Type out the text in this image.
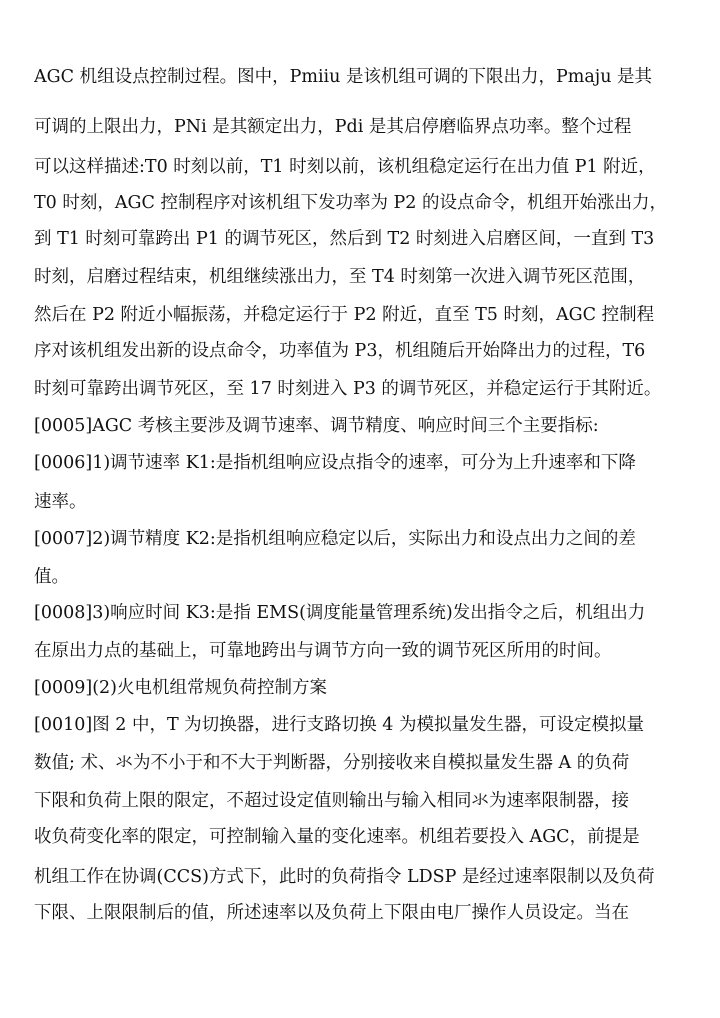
AGC 机组设点控制过程。图中，Pmiiu 是该机组可调的下限出力，Pmaju 是其
可调的上限出力，PNi 是其额定出力，Pdi 是其启停磨临界点功率。整个过程
可以这样描述:T0 时刻以前，T1 时刻以前，该机组稳定运行在出力值 P1 附近，
T0 时刻，AGC 控制程序对该机组下发功率为 P2 的设点命令，机组开始涨出力，
到 T1 时刻可靠跨出 P1 的调节死区，然后到 T2 时刻进入启磨区间，一直到 T3
时刻，启磨过程结束，机组继续涨出力，至 T4 时刻第一次进入调节死区范围，
然后在 P2 附近小幅振荡，并稳定运行于 P2 附近，直至 T5 时刻，AGC 控制程
序对该机组发出新的设点命令，功率值为 P3，机组随后开始降出力的过程，T6
时刻可靠跨出调节死区，至 17 时刻进入 P3 的调节死区，并稳定运行于其附近。
[0005]AGC 考核主要涉及调节速率、调节精度、响应时间三个主要指标:
[0006]1)调节速率 K1:是指机组响应设点指令的速率，可分为上升速率和下降
速率。
[0007]2)调节精度 K2:是指机组响应稳定以后，实际出力和设点出力之间的差
值。
[0008]3)响应时间 K3:是指 EMS(调度能量管理系统)发出指令之后，机组出力
在原出力点的基础上，可靠地跨出与调节方向一致的调节死区所用的时间。
[0009](2)火电机组常规负荷控制方案
[0010]图 2 中，T 为切换器，进行支路切换 4 为模拟量发生器，可设定模拟量
数值; 术、氺为不小于和不大于判断器，分别接收来自模拟量发生器 A 的负荷
下限和负荷上限的限定，不超过设定值则输出与输入相同氺为速率限制器，接
收负荷变化率的限定，可控制输入量的变化速率。机组若要投入 AGC，前提是
机组工作在协调(CCS)方式下，此时的负荷指令 LDSP 是经过速率限制以及负荷
下限、上限限制后的值，所述速率以及负荷上下限由电厂操作人员设定。当在
